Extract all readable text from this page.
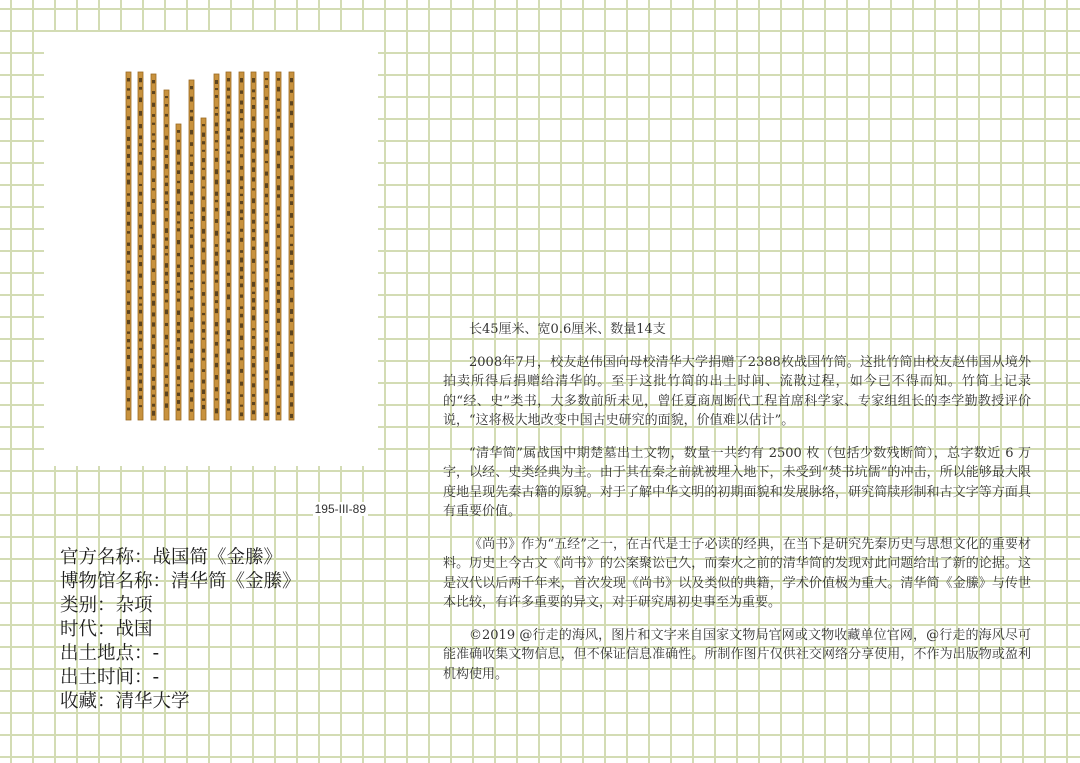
195-III-89
官方名称：战国简《金縢》
博物馆名称：清华简《金縢》
类别：杂项
时代：战国
出土地点：-
出土时间：-
收藏：清华大学

长45厘米、宽0.6厘米、数量14支

2008年7月，校友赵伟国向母校清华大学捐赠了2388枚战国竹简。这批竹简由校友赵伟国从境外拍卖所得后捐赠给清华的。至于这批竹简的出土时间、流散过程，如今已不得而知。竹简上记录的“经、史”类书，大多数前所未见，曾任夏商周断代工程首席科学家、专家组组长的李学勤教授评价说，“这将极大地改变中国古史研究的面貌，价值难以估计”。

“清华简”属战国中期楚墓出土文物，数量一共约有 2500 枚（包括少数残断简），总字数近 6 万字，以经、史类经典为主。由于其在秦之前就被埋入地下，未受到“焚书坑儒”的冲击，所以能够最大限度地呈现先秦古籍的原貌。对于了解中华文明的初期面貌和发展脉络，研究简牍形制和古文字等方面具有重要价值。

《尚书》作为“五经”之一，在古代是士子必读的经典，在当下是研究先秦历史与思想文化的重要材料。历史上今古文《尚书》的公案聚讼已久，而秦火之前的清华简的发现对此问题给出了新的论据。这是汉代以后两千年来，首次发现《尚书》以及类似的典籍，学术价值极为重大。清华简《金縢》与传世本比较，有许多重要的异文，对于研究周初史事至为重要。

©2019 @行走的海风，图片和文字来自国家文物局官网或文物收藏单位官网，@行走的海风尽可能准确收集文物信息，但不保证信息准确性。所制作图片仅供社交网络分享使用，不作为出版物或盈利机构使用。
